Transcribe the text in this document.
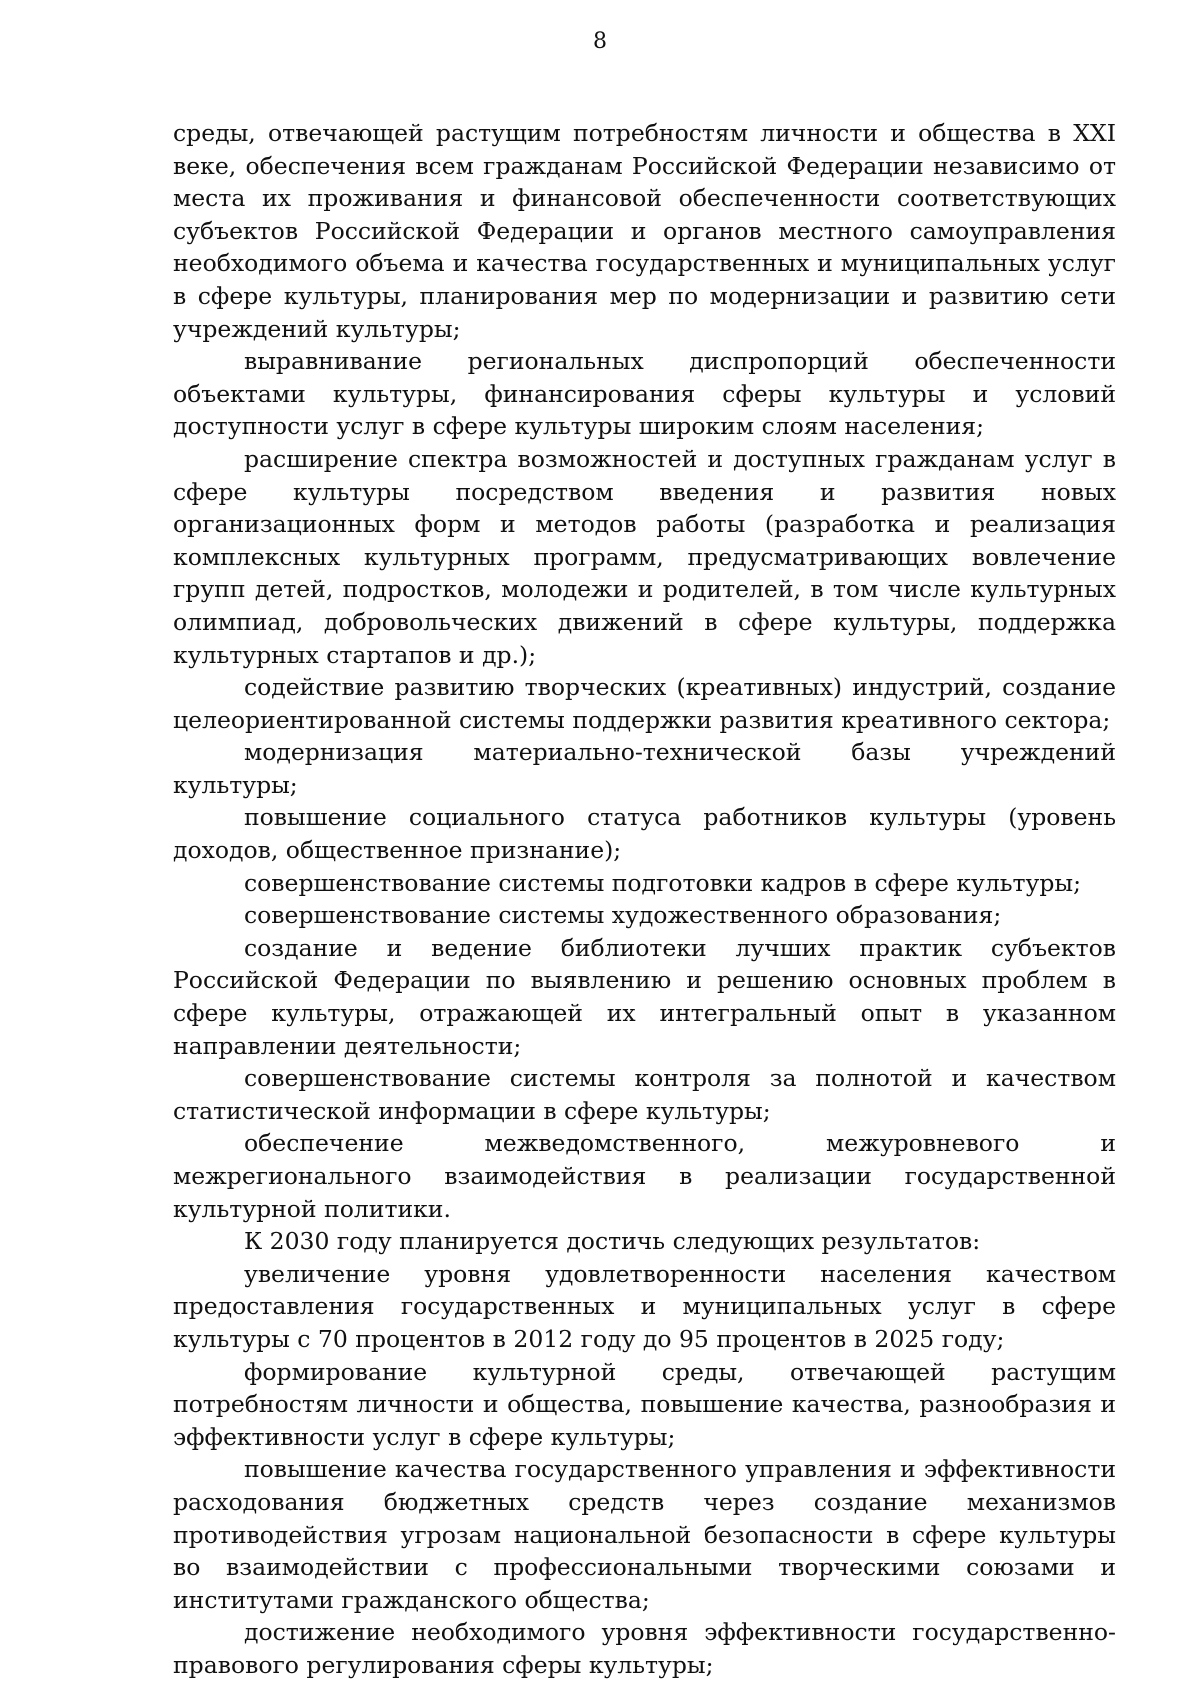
8

среды, отвечающей растущим потребностям личности и общества в XXI веке, обеспечения всем гражданам Российской Федерации независимо от места их проживания и финансовой обеспеченности соответствующих субъектов Российской Федерации и органов местного самоуправления необходимого объема и качества государственных и муниципальных услуг в сфере культуры, планирования мер по модернизации и развитию сети учреждений культуры;

выравнивание региональных диспропорций обеспеченности объектами культуры, финансирования сферы культуры и условий доступности услуг в сфере культуры широким слоям населения;

расширение спектра возможностей и доступных гражданам услуг в сфере культуры посредством введения и развития новых организационных форм и методов работы (разработка и реализация комплексных культурных программ, предусматривающих вовлечение групп детей, подростков, молодежи и родителей, в том числе культурных олимпиад, добровольческих движений в сфере культуры, поддержка культурных стартапов и др.);

содействие развитию творческих (креативных) индустрий, создание целеориентированной системы поддержки развития креативного сектора;

модернизация материально-технической базы учреждений культуры;

повышение социального статуса работников культуры (уровень доходов, общественное признание);

совершенствование системы подготовки кадров в сфере культуры;

совершенствование системы художественного образования;

создание и ведение библиотеки лучших практик субъектов Российской Федерации по выявлению и решению основных проблем в сфере культуры, отражающей их интегральный опыт в указанном направлении деятельности;

совершенствование системы контроля за полнотой и качеством статистической информации в сфере культуры;

обеспечение межведомственного, межуровневого и межрегионального взаимодействия в реализации государственной культурной политики.

К 2030 году планируется достичь следующих результатов:

увеличение уровня удовлетворенности населения качеством предоставления государственных и муниципальных услуг в сфере культуры с 70 процентов в 2012 году до 95 процентов в 2025 году;

формирование культурной среды, отвечающей растущим потребностям личности и общества, повышение качества, разнообразия и эффективности услуг в сфере культуры;

повышение качества государственного управления и эффективности расходования бюджетных средств через создание механизмов противодействия угрозам национальной безопасности в сфере культуры во взаимодействии с профессиональными творческими союзами и институтами гражданского общества;

достижение необходимого уровня эффективности государственно-правового регулирования сферы культуры;
